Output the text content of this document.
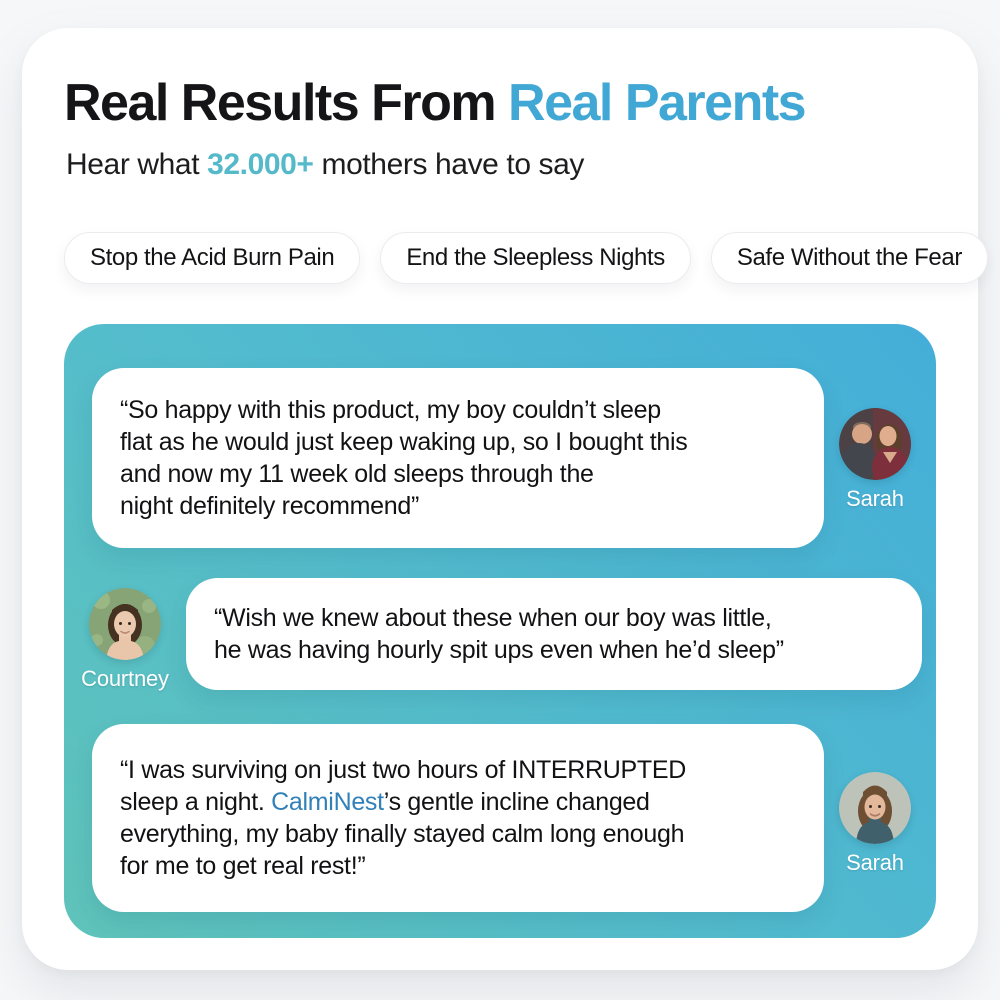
Real Results From Real Parents

Hear what 32.000+ mothers have to say

Stop the Acid Burn Pain	End the Sleepless Nights	Safe Without the Fear
“So happy with this product, my boy couldn’t sleep
flat as he would just keep waking up, so I bought this
and now my 11 week old sleeps through the
night definitely recommend”	Sarah
Courtney
“Wish we knew about these when our boy was little,
he was having hourly spit ups even when he’d sleep”
“I was surviving on just two hours of INTERRUPTED
sleep a night. CalmiNest’s gentle incline changed
everything, my baby finally stayed calm long enough
for me to get real rest!”	Sarah
